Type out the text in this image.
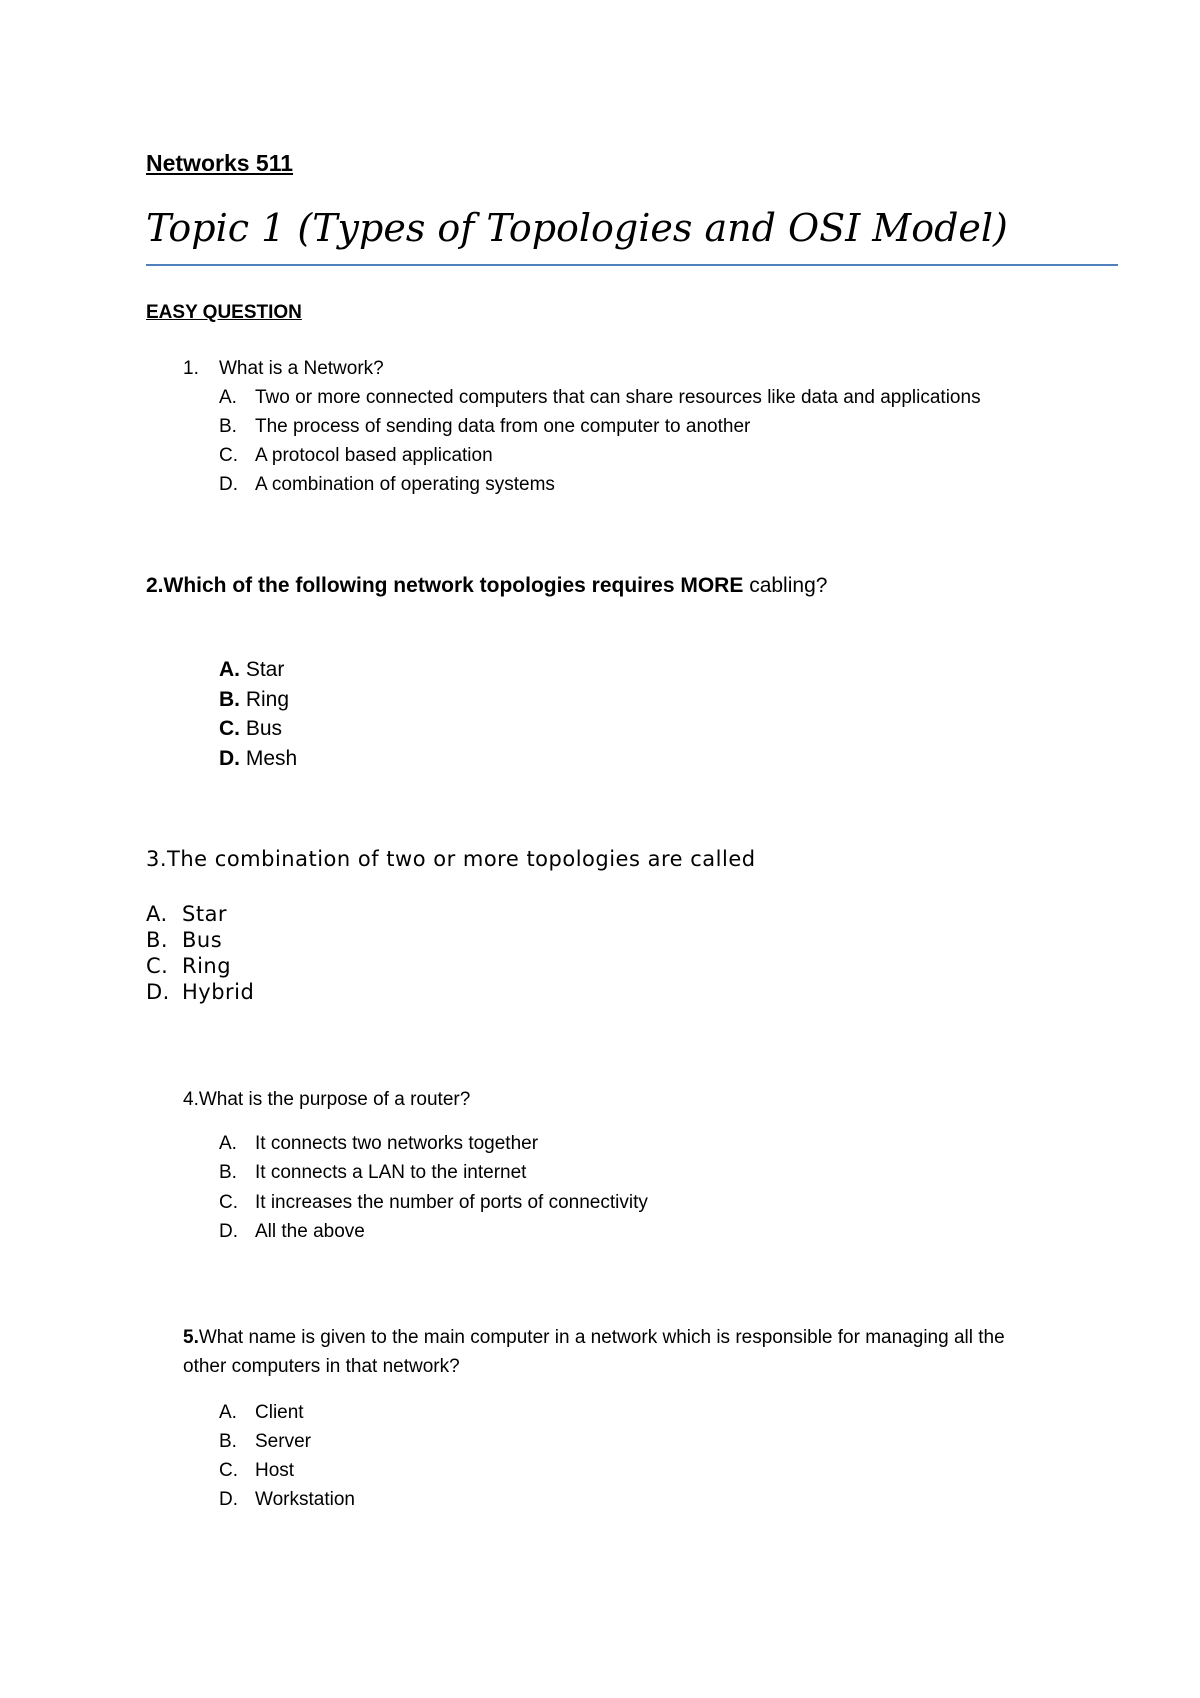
Networks 511
Topic 1 (Types of Topologies and OSI Model)
EASY QUESTION
1. What is a Network?
A. Two or more connected computers that can share resources like data and applications
B. The process of sending data from one computer to another
C. A protocol based application
D. A combination of operating systems
2.Which of the following network topologies requires MORE cabling?
A. Star
B. Ring
C. Bus
D. Mesh
3.The combination of two or more topologies are called
A. Star
B. Bus
C. Ring
D. Hybrid
4.What is the purpose of a router?
A. It connects two networks together
B. It connects a LAN to the internet
C. It increases the number of ports of connectivity
D. All the above
5.What name is given to the main computer in a network which is responsible for managing all the
other computers in that network?
A. Client
B. Server
C. Host
D. Workstation
